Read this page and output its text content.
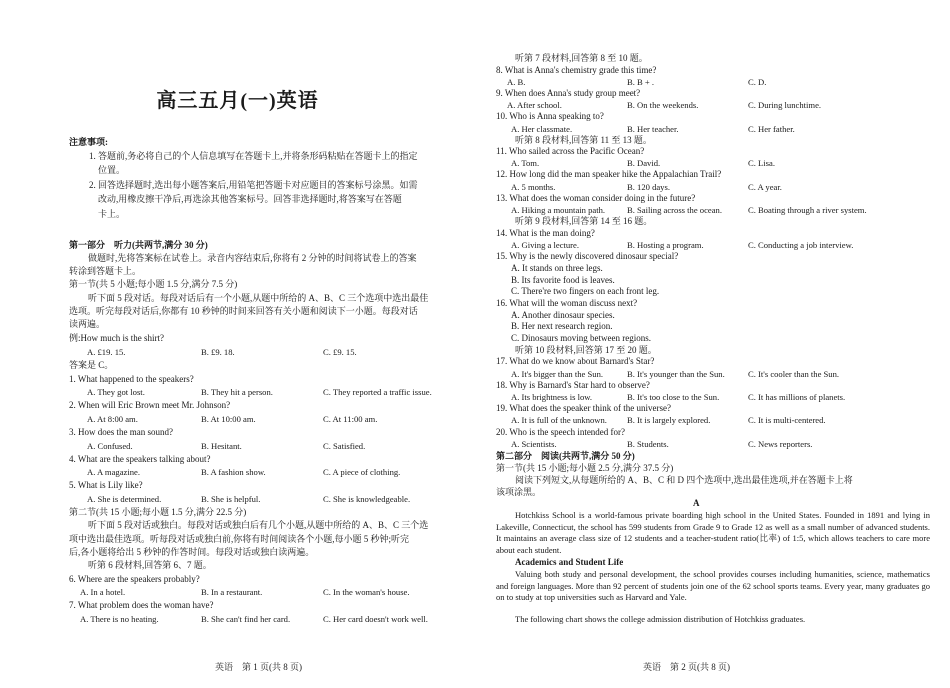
高三五月(一)英语
注意事项:
1. 答题前,务必将自己的个人信息填写在答题卡上,并将条形码粘贴在答题卡上的指定
位置。
2. 回答选择题时,选出每小题答案后,用铅笔把答题卡对应题目的答案标号涂黑。如需
改动,用橡皮擦干净后,再选涂其他答案标号。回答非选择题时,将答案写在答题
卡上。
第一部分　听力(共两节,满分 30 分)
做题时,先将答案标在试卷上。录音内容结束后,你将有 2 分钟的时间将试卷上的答案
转涂到答题卡上。
第一节(共 5 小题;每小题 1.5 分,满分 7.5 分)
听下面 5 段对话。每段对话后有一个小题,从题中所给的 A、B、C 三个选项中选出最佳
选项。听完每段对话后,你都有 10 秒钟的时间来回答有关小题和阅读下一小题。每段对话
读两遍。
例:How much is the shirt?
A. £19. 15.	B. £9. 18.	C. £9. 15.
答案是 C。
1. What happened to the speakers?
A. They got lost.	B. They hit a person.	C. They reported a traffic issue.
2. When will Eric Brown meet Mr. Johnson?
A. At 8:00 am.	B. At 10:00 am.	C. At 11:00 am.
3. How does the man sound?
A. Confused.	B. Hesitant.	C. Satisfied.
4. What are the speakers talking about?
A. A magazine.	B. A fashion show.	C. A piece of clothing.
5. What is Lily like?
A. She is determined.	B. She is helpful.	C. She is knowledgeable.
第二节(共 15 小题;每小题 1.5 分,满分 22.5 分)
听下面 5 段对话或独白。每段对话或独白后有几个小题,从题中所给的 A、B、C 三个选
项中选出最佳选项。听每段对话或独白前,你将有时间阅读各个小题,每小题 5 秒钟;听完
后,各小题将给出 5 秒钟的作答时间。每段对话或独白读两遍。
听第 6 段材料,回答第 6、7 题。
6. Where are the speakers probably?
A. In a hotel.	B. In a restaurant.	C. In the woman's house.
7. What problem does the woman have?
A. There is no heating.	B. She can't find her card.	C. Her card doesn't work well.
英语　第 1 页(共 8 页)
听第 7 段材料,回答第 8 至 10 题。
8. What is Anna's chemistry grade this time?
A. B.	B. B + .	C. D.
9. When does Anna's study group meet?
A. After school.	B. On the weekends.	C. During lunchtime.
10. Who is Anna speaking to?
A. Her classmate.	B. Her teacher.	C. Her father.
听第 8 段材料,回答第 11 至 13 题。
11. Who sailed across the Pacific Ocean?
A. Tom.	B. David.	C. Lisa.
12. How long did the man speaker hike the Appalachian Trail?
A. 5 months.	B. 120 days.	C. A year.
13. What does the woman consider doing in the future?
A. Hiking a mountain path.	B. Sailing across the ocean.	C. Boating through a river system.
听第 9 段材料,回答第 14 至 16 题。
14. What is the man doing?
A. Giving a lecture.	B. Hosting a program.	C. Conducting a job interview.
15. Why is the newly discovered dinosaur special?
A. It stands on three legs.
B. Its favorite food is leaves.
C. There're two fingers on each front leg.
16. What will the woman discuss next?
A. Another dinosaur species.
B. Her next research region.
C. Dinosaurs moving between regions.
听第 10 段材料,回答第 17 至 20 题。
17. What do we know about Barnard's Star?
A. It's bigger than the Sun.	B. It's younger than the Sun.	C. It's cooler than the Sun.
18. Why is Barnard's Star hard to observe?
A. Its brightness is low.	B. It's too close to the Sun.	C. It has millions of planets.
19. What does the speaker think of the universe?
A. It is full of the unknown. B. It is largely explored.	C. It is multi-centered.
20. Who is the speech intended for?
A. Scientists.	B. Students.	C. News reporters.
第二部分　阅读(共两节,满分 50 分)
第一节(共 15 小题;每小题 2.5 分,满分 37.5 分)
阅读下列短文,从每题所给的 A、B、C 和 D 四个选项中,选出最佳选项,并在答题卡上将
该项涂黑。
A
Hotchkiss School is a world-famous private boarding high school in the United States. Founded in 1891 and lying in Lakeville, Connecticut, the school has 599 students from Grade 9 to Grade 12 as well as a small number of advanced students. It maintains an average class size of 12 students and a teacher-student ratio(比率) of 1:5, which allows teachers to care more about each student.
Academics and Student Life
Valuing both study and personal development, the school provides courses including humanities, science, mathematics and foreign languages. More than 92 percent of students join one of the 62 school sports teams. Every year, many graduates go on to study at top universities such as Harvard and Yale.
The following chart shows the college admission distribution of Hotchkiss graduates.
英语　第 2 页(共 8 页)
